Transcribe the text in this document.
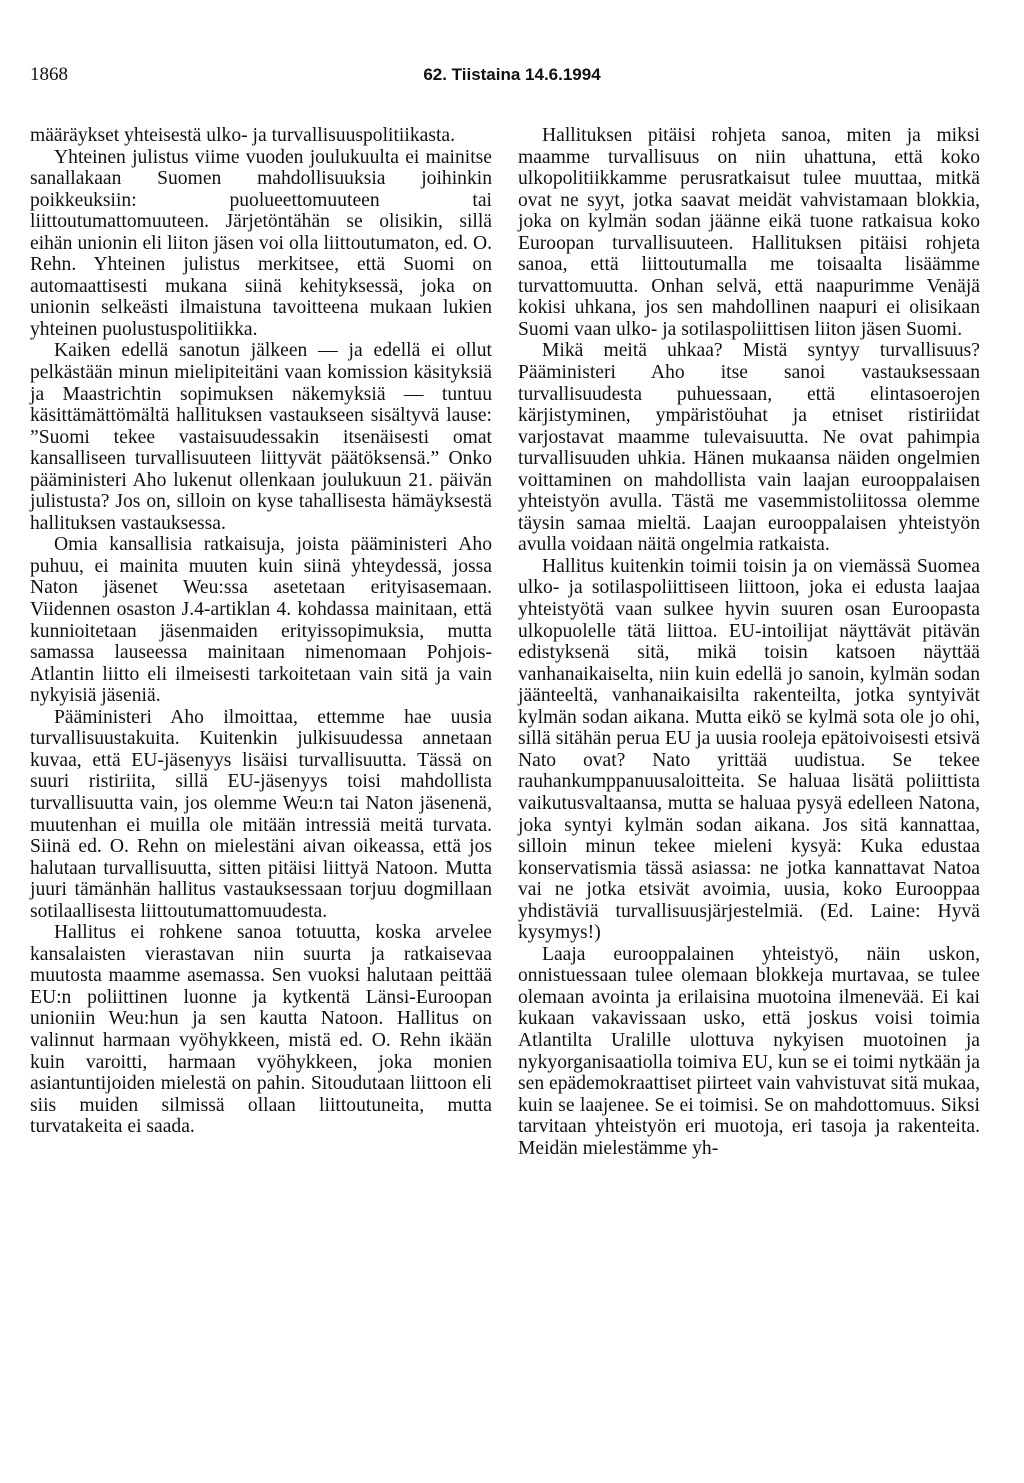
1868	62. Tiistaina 14.6.1994

määräykset yhteisestä ulko- ja turvallisuuspolitiikasta.

Yhteinen julistus viime vuoden joulukuulta ei mainitse sanallakaan Suomen mahdollisuuksia joihinkin poikkeuksiin: puolueettomuuteen tai liittoutumattomuuteen. Järjetöntähän se olisikin, sillä eihän unionin eli liiton jäsen voi olla liittoutumaton, ed. O. Rehn. Yhteinen julistus merkitsee, että Suomi on automaattisesti mukana siinä kehityksessä, joka on unionin selkeästi ilmaistuna tavoitteena mukaan lukien yhteinen puolustuspolitiikka.

Kaiken edellä sanotun jälkeen — ja edellä ei ollut pelkästään minun mielipiteitäni vaan komission käsityksiä ja Maastrichtin sopimuksen näkemyksiä — tuntuu käsittämättömältä hallituksen vastaukseen sisältyvä lause: ”Suomi tekee vastaisuudessakin itsenäisesti omat kansalliseen turvallisuuteen liittyvät päätöksensä.” Onko pääministeri Aho lukenut ollenkaan joulukuun 21. päivän julistusta? Jos on, silloin on kyse tahallisesta hämäyksestä hallituksen vastauksessa.

Omia kansallisia ratkaisuja, joista pääministeri Aho puhuu, ei mainita muuten kuin siinä yhteydessä, jossa Naton jäsenet Weu:ssa asetetaan erityisasemaan. Viidennen osaston J.4-artiklan 4. kohdassa mainitaan, että kunnioitetaan jäsenmaiden erityissopimuksia, mutta samassa lauseessa mainitaan nimenomaan Pohjois-Atlantin liitto eli ilmeisesti tarkoitetaan vain sitä ja vain nykyisiä jäseniä.

Pääministeri Aho ilmoittaa, ettemme hae uusia turvallisuustakuita. Kuitenkin julkisuudessa annetaan kuvaa, että EU-jäsenyys lisäisi turvallisuutta. Tässä on suuri ristiriita, sillä EU-jäsenyys toisi mahdollista turvallisuutta vain, jos olemme Weu:n tai Naton jäsenenä, muutenhan ei muilla ole mitään intressiä meitä turvata. Siinä ed. O. Rehn on mielestäni aivan oikeassa, että jos halutaan turvallisuutta, sitten pitäisi liittyä Natoon. Mutta juuri tämänhän hallitus vastauksessaan torjuu dogmillaan sotilaallisesta liittoutumattomuudesta.

Hallitus ei rohkene sanoa totuutta, koska arvelee kansalaisten vierastavan niin suurta ja ratkaisevaa muutosta maamme asemassa. Sen vuoksi halutaan peittää EU:n poliittinen luonne ja kytkentä Länsi-Euroopan unioniin Weu:hun ja sen kautta Natoon. Hallitus on valinnut harmaan vyöhykkeen, mistä ed. O. Rehn ikään kuin varoitti, harmaan vyöhykkeen, joka monien asiantuntijoiden mielestä on pahin. Sitoudutaan liittoon eli siis muiden silmissä ollaan liittoutuneita, mutta turvatakeita ei saada.

Hallituksen pitäisi rohjeta sanoa, miten ja miksi maamme turvallisuus on niin uhattuna, että koko ulkopolitiikkamme perusratkaisut tulee muuttaa, mitkä ovat ne syyt, jotka saavat meidät vahvistamaan blokkia, joka on kylmän sodan jäänne eikä tuone ratkaisua koko Euroopan turvallisuuteen. Hallituksen pitäisi rohjeta sanoa, että liittoutumalla me toisaalta lisäämme turvattomuutta. Onhan selvä, että naapurimme Venäjä kokisi uhkana, jos sen mahdollinen naapuri ei olisikaan Suomi vaan ulko- ja sotilaspoliittisen liiton jäsen Suomi.

Mikä meitä uhkaa? Mistä syntyy turvallisuus? Pääministeri Aho itse sanoi vastauksessaan turvallisuudesta puhuessaan, että elintasoerojen kärjistyminen, ympäristöuhat ja etniset ristiriidat varjostavat maamme tulevaisuutta. Ne ovat pahimpia turvallisuuden uhkia. Hänen mukaansa näiden ongelmien voittaminen on mahdollista vain laajan eurooppalaisen yhteistyön avulla. Tästä me vasemmistoliitossa olemme täysin samaa mieltä. Laajan eurooppalaisen yhteistyön avulla voidaan näitä ongelmia ratkaista.

Hallitus kuitenkin toimii toisin ja on viemässä Suomea ulko- ja sotilaspoliittiseen liittoon, joka ei edusta laajaa yhteistyötä vaan sulkee hyvin suuren osan Euroopasta ulkopuolelle tätä liittoa. EU-intoilijat näyttävät pitävän edistyksenä sitä, mikä toisin katsoen näyttää vanhanaikaiselta, niin kuin edellä jo sanoin, kylmän sodan jäänteeltä, vanhanaikaisilta rakenteilta, jotka syntyivät kylmän sodan aikana. Mutta eikö se kylmä sota ole jo ohi, sillä sitähän perua EU ja uusia rooleja epätoivoisesti etsivä Nato ovat? Nato yrittää uudistua. Se tekee rauhankumppanuusaloitteita. Se haluaa lisätä poliittista vaikutusvaltaansa, mutta se haluaa pysyä edelleen Natona, joka syntyi kylmän sodan aikana. Jos sitä kannattaa, silloin minun tekee mieleni kysyä: Kuka edustaa konservatismia tässä asiassa: ne jotka kannattavat Natoa vai ne jotka etsivät avoimia, uusia, koko Eurooppaa yhdistäviä turvallisuusjärjestelmiä. (Ed. Laine: Hyvä kysymys!)

Laaja eurooppalainen yhteistyö, näin uskon, onnistuessaan tulee olemaan blokkeja murtavaa, se tulee olemaan avointa ja erilaisina muotoina ilmenevää. Ei kai kukaan vakavissaan usko, että joskus voisi toimia Atlantilta Uralille ulottuva nykyisen muotoinen ja nykyorganisaatiolla toimiva EU, kun se ei toimi nytkään ja sen epädemokraattiset piirteet vain vahvistuvat sitä mukaa, kuin se laajenee. Se ei toimisi. Se on mahdottomuus. Siksi tarvitaan yhteistyön eri muotoja, eri tasoja ja rakenteita. Meidän mielestämme yh-
